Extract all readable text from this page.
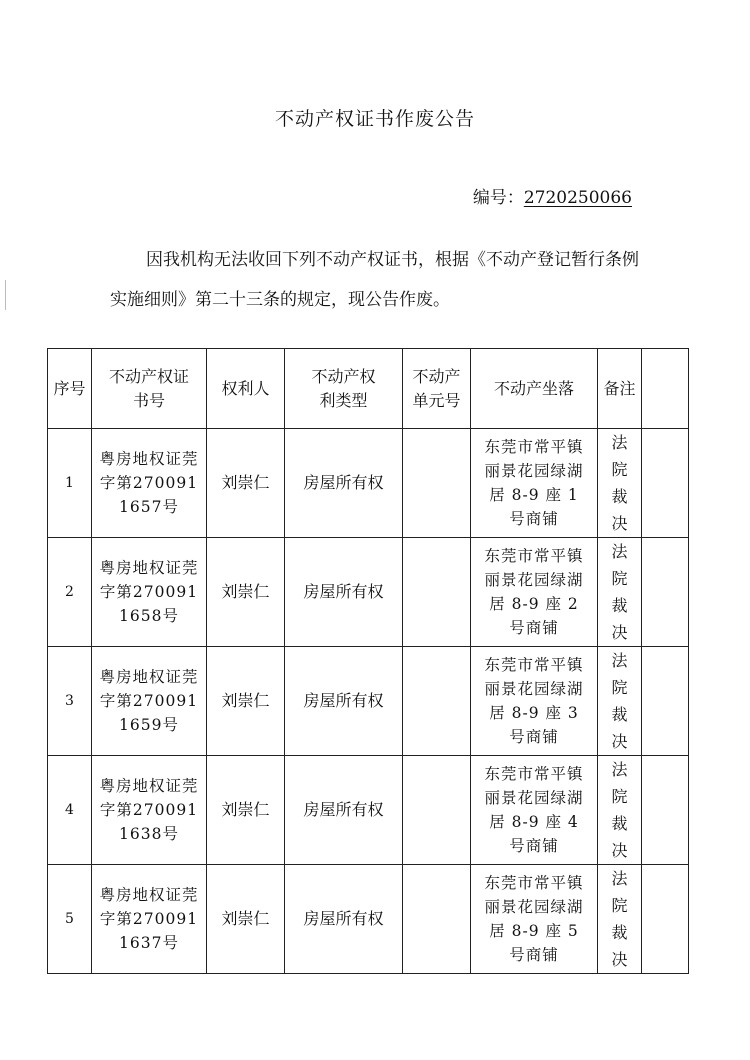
不动产权证书作废公告
编号：2720250066
因我机构无法收回下列不动产权证书，根据《不动产登记暂行条例实施细则》第二十三条的规定，现公告作废。
序号	不动产权证书号	权利人	不动产权利类型	不动产单元号	不动产坐落	备注	
1	粤房地权证莞字第2700911657号	刘崇仁	房屋所有权		东莞市常平镇丽景花园绿湖居 8-9 座 1 号商铺	法院裁决	
2	粤房地权证莞字第2700911658号	刘崇仁	房屋所有权		东莞市常平镇丽景花园绿湖居 8-9 座 2 号商铺	法院裁决	
3	粤房地权证莞字第2700911659号	刘崇仁	房屋所有权		东莞市常平镇丽景花园绿湖居 8-9 座 3 号商铺	法院裁决	
4	粤房地权证莞字第2700911638号	刘崇仁	房屋所有权		东莞市常平镇丽景花园绿湖居 8-9 座 4 号商铺	法院裁决	
5	粤房地权证莞字第2700911637号	刘崇仁	房屋所有权		东莞市常平镇丽景花园绿湖居 8-9 座 5 号商铺	法院裁决	
